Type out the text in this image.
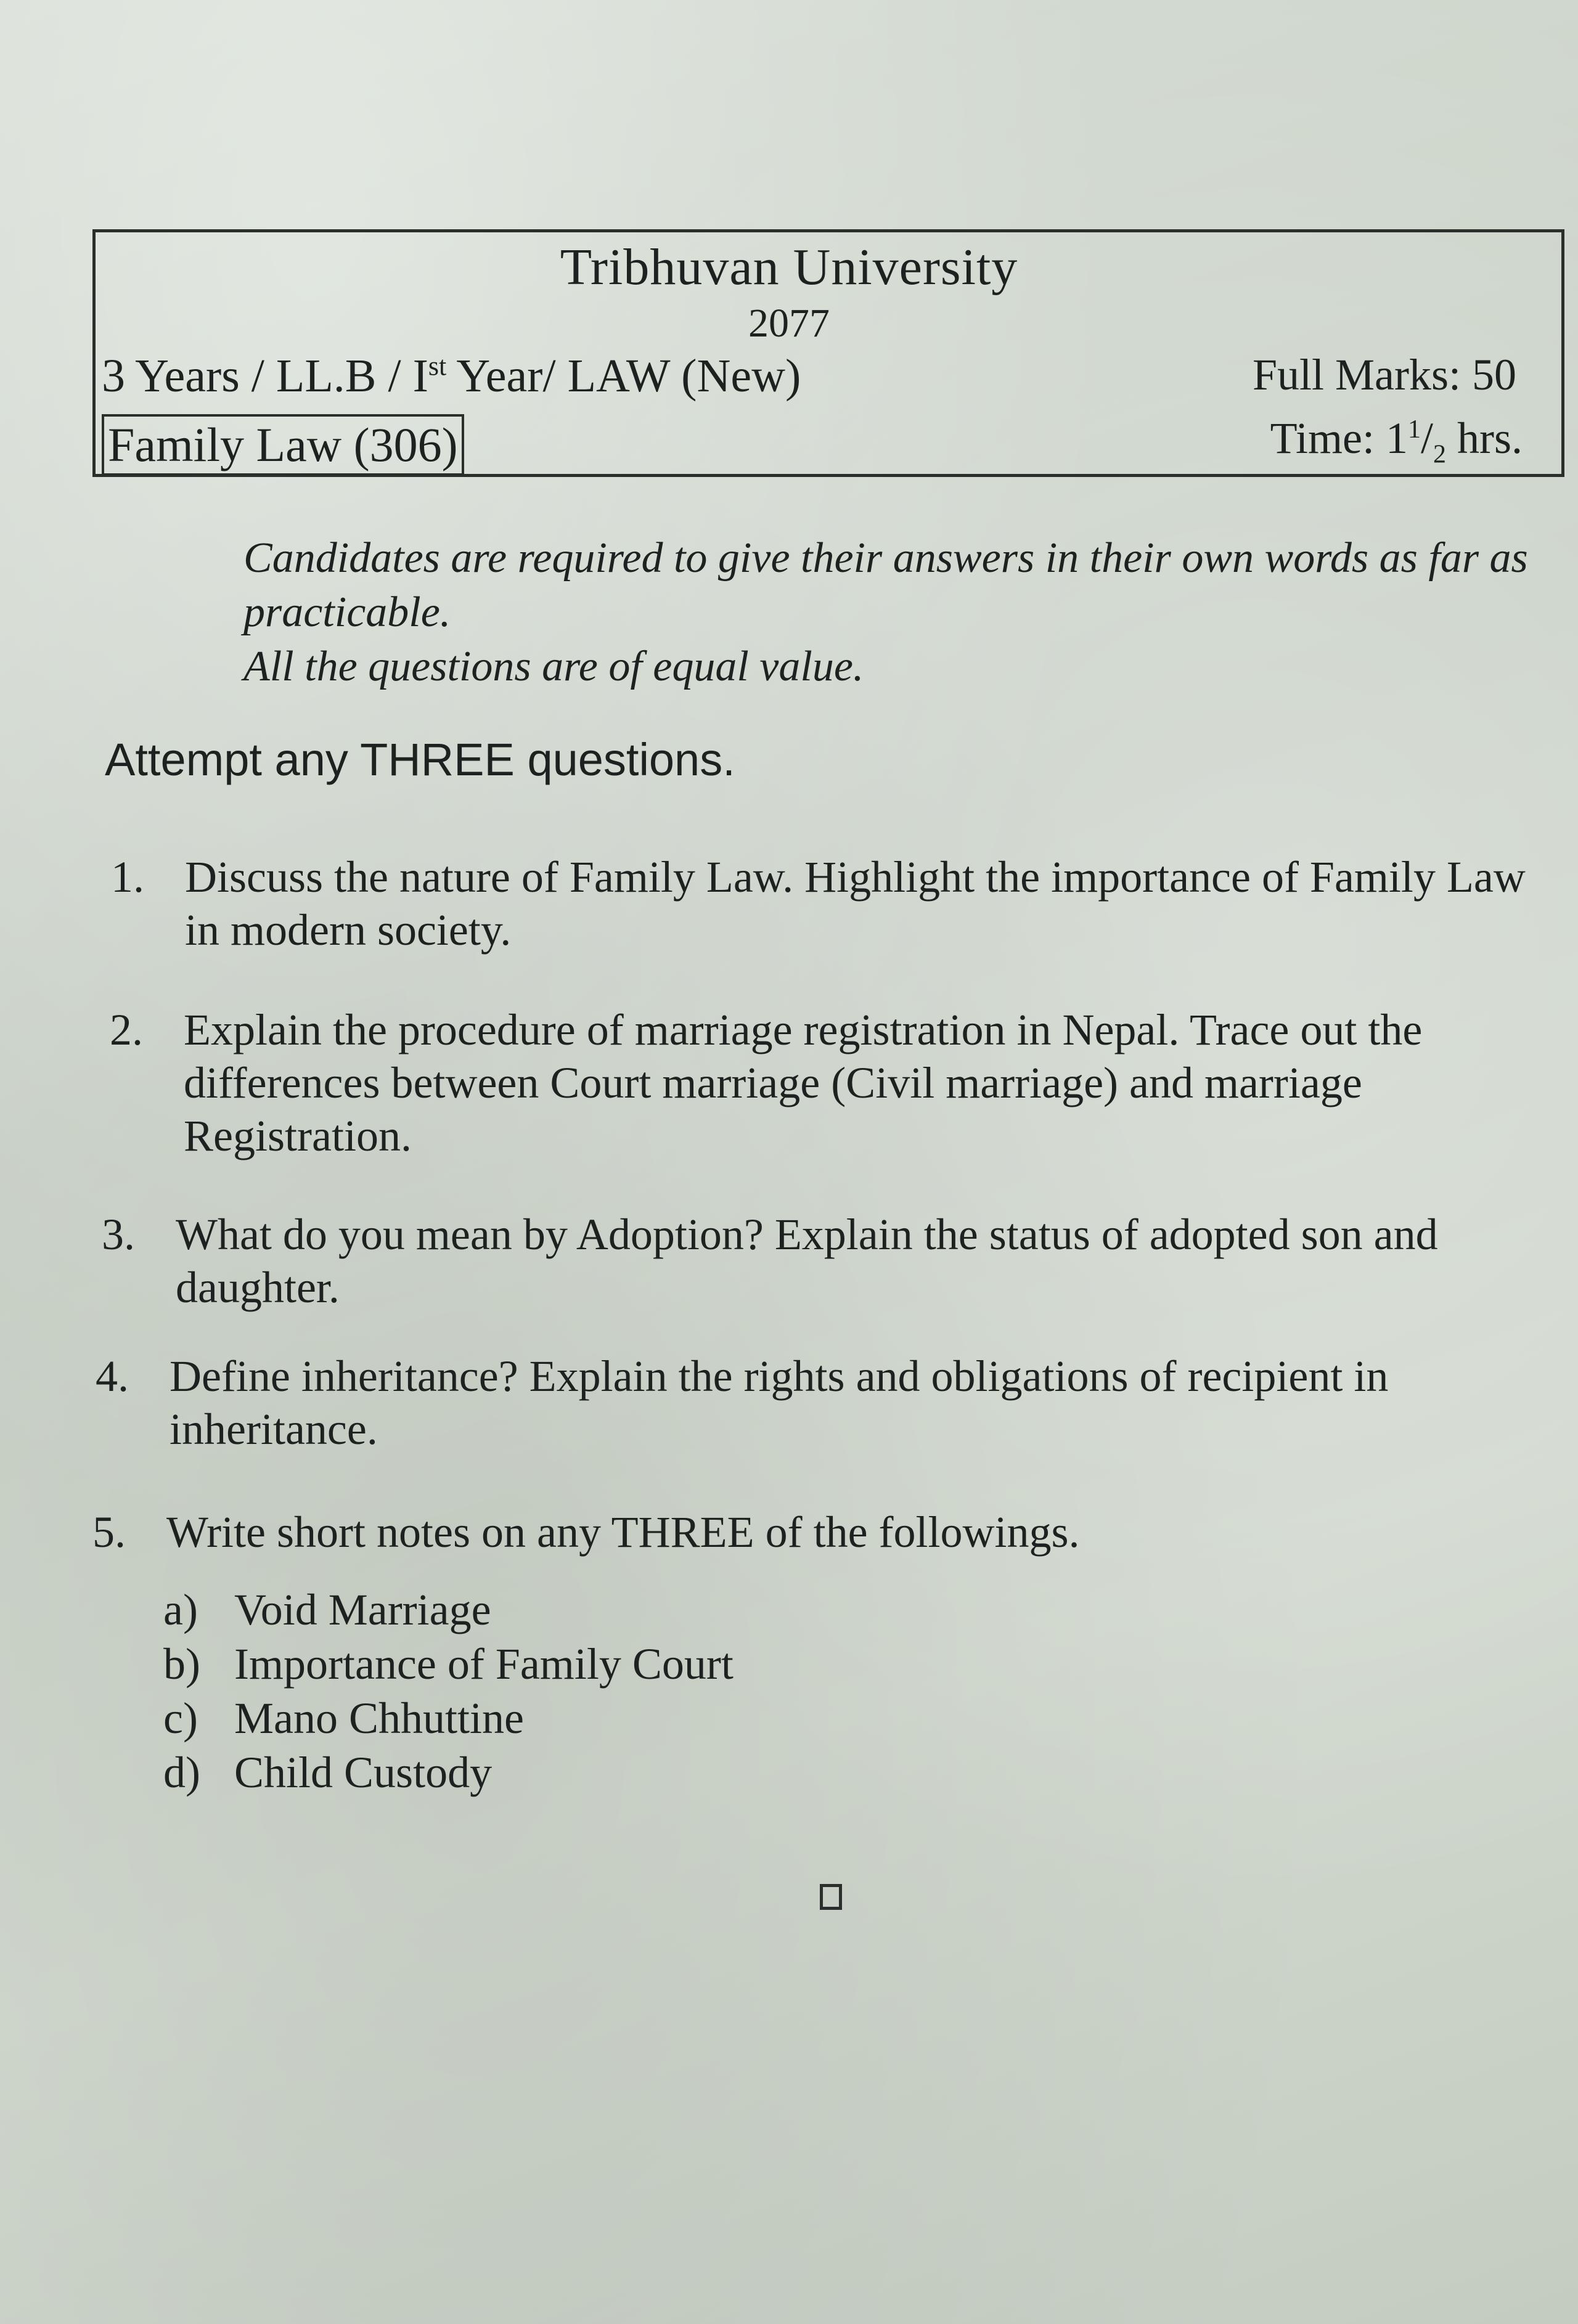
Tribhuvan University
2077
3 Years / LL.B / Ist Year/ LAW (New)	Full Marks: 50
Family Law (306)	Time: $1^1/_2$ hrs.

Candidates are required to give their answers in their own words as far as practicable.

All the questions are of equal value.

Attempt any THREE questions.
1. Discuss the nature of Family Law. Highlight the importance of Family Law in modern society.
2. Explain the procedure of marriage registration in Nepal. Trace out the differences between Court marriage (Civil marriage) and marriage Registration.
3. What do you mean by Adoption? Explain the status of adopted son and daughter.
4. Define inheritance? Explain the rights and obligations of recipient in inheritance.
5. Write short notes on any THREE of the followings.
a) Void Marriage
b) Importance of Family Court
c) Mano Chhuttine
d) Child Custody
